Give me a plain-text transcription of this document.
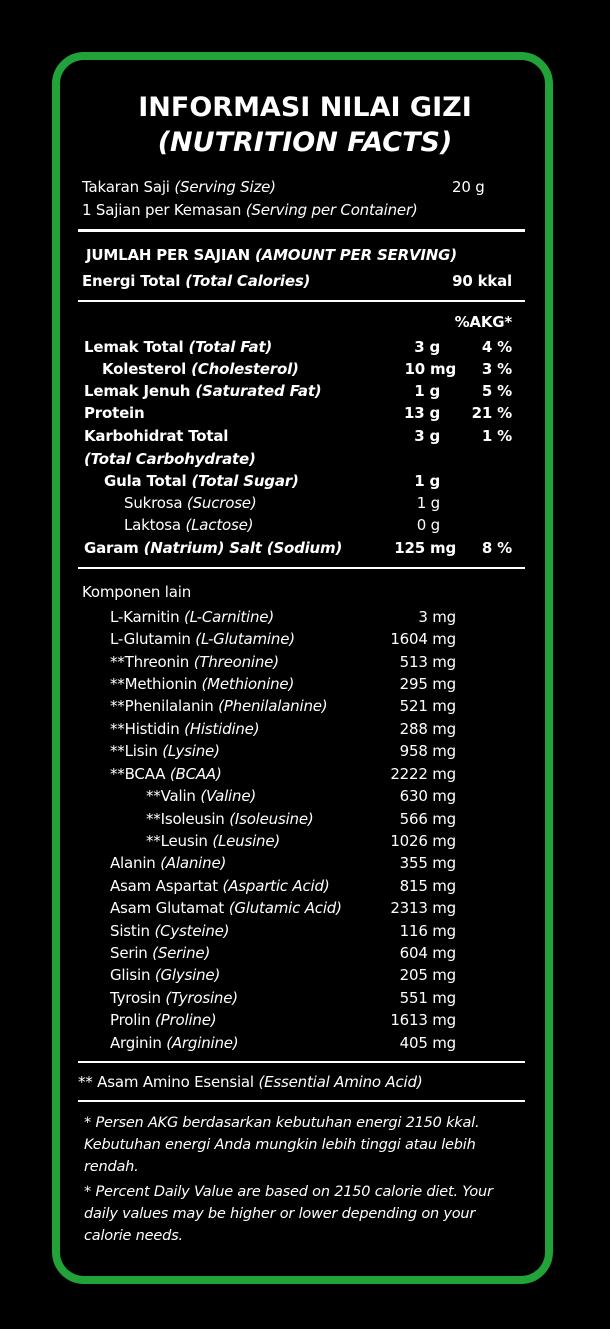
INFORMASI NILAI GIZI
(NUTRITION FACTS)
Takaran Saji (Serving Size)	20 g
1 Sajian per Kemasan (Serving per Container)
JUMLAH PER SAJIAN (AMOUNT PER SERVING)
Energi Total (Total Calories)	90 kkal
%AKG*
Lemak Total (Total Fat)	3 g	4 %
Kolesterol (Cholesterol)	10 mg	3 %
Lemak Jenuh (Saturated Fat)	1 g	5 %
Protein	13 g	21 %
Karbohidrat Total
(Total Carbohydrate)
3 g	1 %
Gula Total (Total Sugar)	1 g
Sukrosa (Sucrose)	1 g
Laktosa (Lactose)	0 g
Garam (Natrium) Salt (Sodium)	125 mg	8 %
Komponen lain
L-Karnitin (L-Carnitine)	3 mg
L-Glutamin (L-Glutamine)	1604 mg
**Threonin (Threonine)	513 mg
**Methionin (Methionine)	295 mg
**Phenilalanin (Phenilalanine)	521 mg
**Histidin (Histidine)	288 mg
**Lisin (Lysine)	958 mg
**BCAA (BCAA)	2222 mg
**Valin (Valine)	630 mg
**Isoleusin (Isoleusine)	566 mg
**Leusin (Leusine)	1026 mg
Alanin (Alanine)	355 mg
Asam Aspartat (Aspartic Acid)	815 mg
Asam Glutamat (Glutamic Acid)	2313 mg
Sistin (Cysteine)	116 mg
Serin (Serine)	604 mg
Glisin (Glysine)	205 mg
Tyrosin (Tyrosine)	551 mg
Prolin (Proline)	1613 mg
Arginin (Arginine)	405 mg
** Asam Amino Esensial (Essential Amino Acid)
* Persen AKG berdasarkan kebutuhan energi 2150 kkal. Kebutuhan energi Anda mungkin lebih tinggi atau lebih rendah.
* Percent Daily Value are based on 2150 calorie diet. Your daily values may be higher or lower depending on your calorie needs.
